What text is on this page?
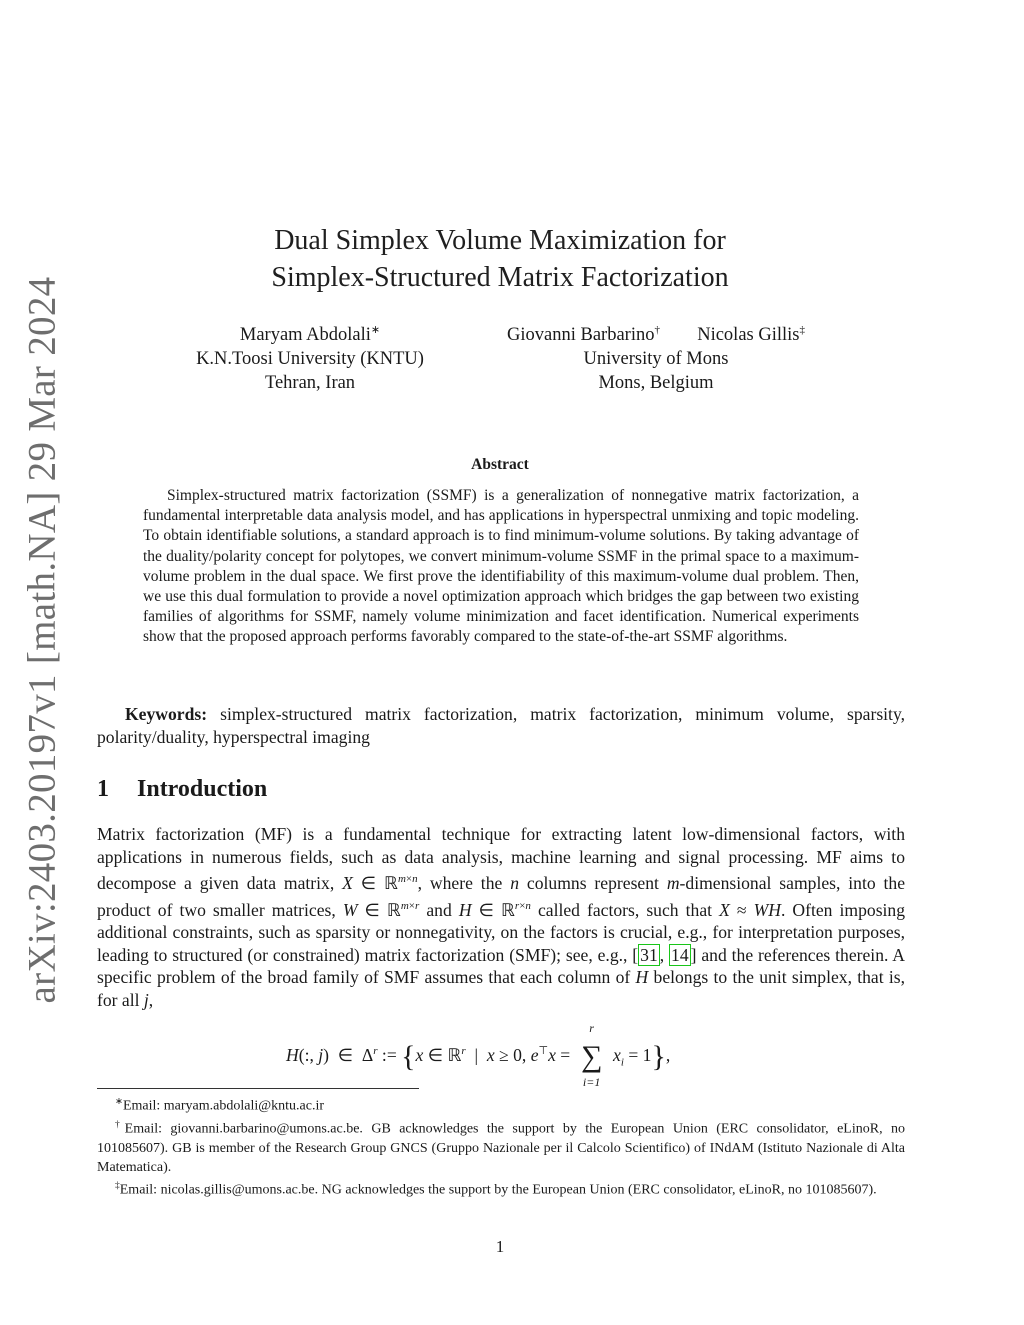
arXiv:2403.20197v1 [math.NA] 29 Mar 2024
Dual Simplex Volume Maximization for
Simplex-Structured Matrix Factorization
Maryam Abdolali∗
K.N.Toosi University (KNTU)
Tehran, Iran
Giovanni Barbarino† Nicolas Gillis‡
University of Mons
Mons, Belgium
Abstract
Simplex-structured matrix factorization (SSMF) is a generalization of nonnegative matrix factorization, a fundamental interpretable data analysis model, and has applications in hyperspectral unmixing and topic modeling. To obtain identifiable solutions, a standard approach is to find minimum-volume solutions. By taking advantage of the duality/polarity concept for polytopes, we convert minimum-volume SSMF in the primal space to a maximum-volume problem in the dual space. We first prove the identifiability of this maximum-volume dual problem. Then, we use this dual formulation to provide a novel optimization approach which bridges the gap between two existing families of algorithms for SSMF, namely volume minimization and facet identification. Numerical experiments show that the proposed approach performs favorably compared to the state-of-the-art SSMF algorithms.
Keywords: simplex-structured matrix factorization, matrix factorization, minimum volume, sparsity, polarity/duality, hyperspectral imaging
1 Introduction
Matrix factorization (MF) is a fundamental technique for extracting latent low-dimensional factors, with applications in numerous fields, such as data analysis, machine learning and signal processing. MF aims to decompose a given data matrix, X ∈ ℝ$^{m\times n}$, where the n columns represent m-dimensional samples, into the product of two smaller matrices, W ∈ ℝ$^{m\times r}$ and H ∈ ℝ$^{r\times n}$ called factors, such that X ≈ WH. Often imposing additional constraints, such as sparsity or nonnegativity, on the factors is crucial, e.g., for interpretation purposes, leading to structured (or constrained) matrix factorization (SMF); see, e.g., [ 31 , 14 ] and the references therein. A specific problem of the broad family of SMF assumes that each column of H belongs to the unit simplex, that is, for all j,
H(:, j)  ∈  $\Delta^r$ := {x ∈ ℝ$^r$  |  x ≥ 0, e⊤x =
r
∑
i=1
$x_i = 1$},

∗Email: maryam.abdolali@kntu.ac.ir

†Email: giovanni.barbarino@umons.ac.be. GB acknowledges the support by the European Union (ERC consolidator, eLinoR, no 101085607). GB is member of the Research Group GNCS (Gruppo Nazionale per il Calcolo Scientifico) of INdAM (Istituto Nazionale di Alta Matematica).

‡Email: nicolas.gillis@umons.ac.be. NG acknowledges the support by the European Union (ERC consolidator, eLinoR, no 101085607).

1
